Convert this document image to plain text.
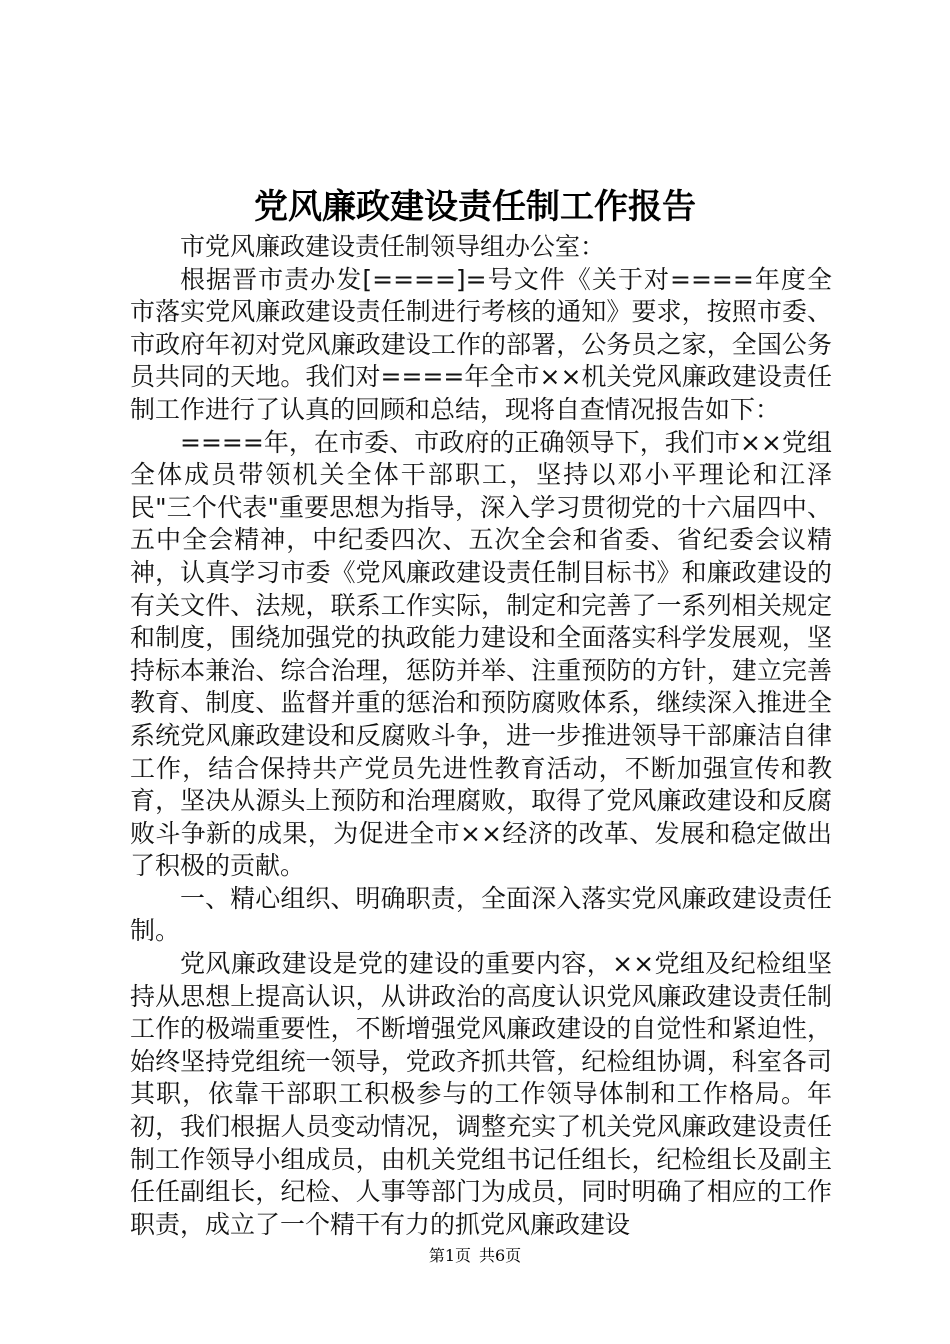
党风廉政建设责任制工作报告

市党风廉政建设责任制领导组办公室：

根据晋市责办发[====]=号文件《关于对====年度全市落实党风廉政建设责任制进行考核的通知》要求，按照市委、市政府年初对党风廉政建设工作的部署，公务员之家，全国公务员共同的天地。我们对====年全市××机关党风廉政建设责任制工作进行了认真的回顾和总结，现将自查情况报告如下：

====年，在市委、市政府的正确领导下，我们市××党组全体成员带领机关全体干部职工，坚持以邓小平理论和江泽民"三个代表"重要思想为指导，深入学习贯彻党的十六届四中、五中全会精神，中纪委四次、五次全会和省委、省纪委会议精神，认真学习市委《党风廉政建设责任制目标书》和廉政建设的有关文件、法规，联系工作实际，制定和完善了一系列相关规定和制度，围绕加强党的执政能力建设和全面落实科学发展观，坚持标本兼治、综合治理，惩防并举、注重预防的方针，建立完善教育、制度、监督并重的惩治和预防腐败体系，继续深入推进全系统党风廉政建设和反腐败斗争，进一步推进领导干部廉洁自律工作，结合保持共产党员先进性教育活动，不断加强宣传和教育，坚决从源头上预防和治理腐败，取得了党风廉政建设和反腐败斗争新的成果，为促进全市××经济的改革、发展和稳定做出了积极的贡献。

一、精心组织、明确职责，全面深入落实党风廉政建设责任制。

党风廉政建设是党的建设的重要内容，××党组及纪检组坚持从思想上提高认识，从讲政治的高度认识党风廉政建设责任制工作的极端重要性，不断增强党风廉政建设的自觉性和紧迫性，始终坚持党组统一领导，党政齐抓共管，纪检组协调，科室各司其职，依靠干部职工积极参与的工作领导体制和工作格局。年初，我们根据人员变动情况，调整充实了机关党风廉政建设责任制工作领导小组成员，由机关党组书记任组长，纪检组长及副主任任副组长，纪检、人事等部门为成员，同时明确了相应的工作职责，成立了一个精干有力的抓党风廉政建设

第1页 共6页
